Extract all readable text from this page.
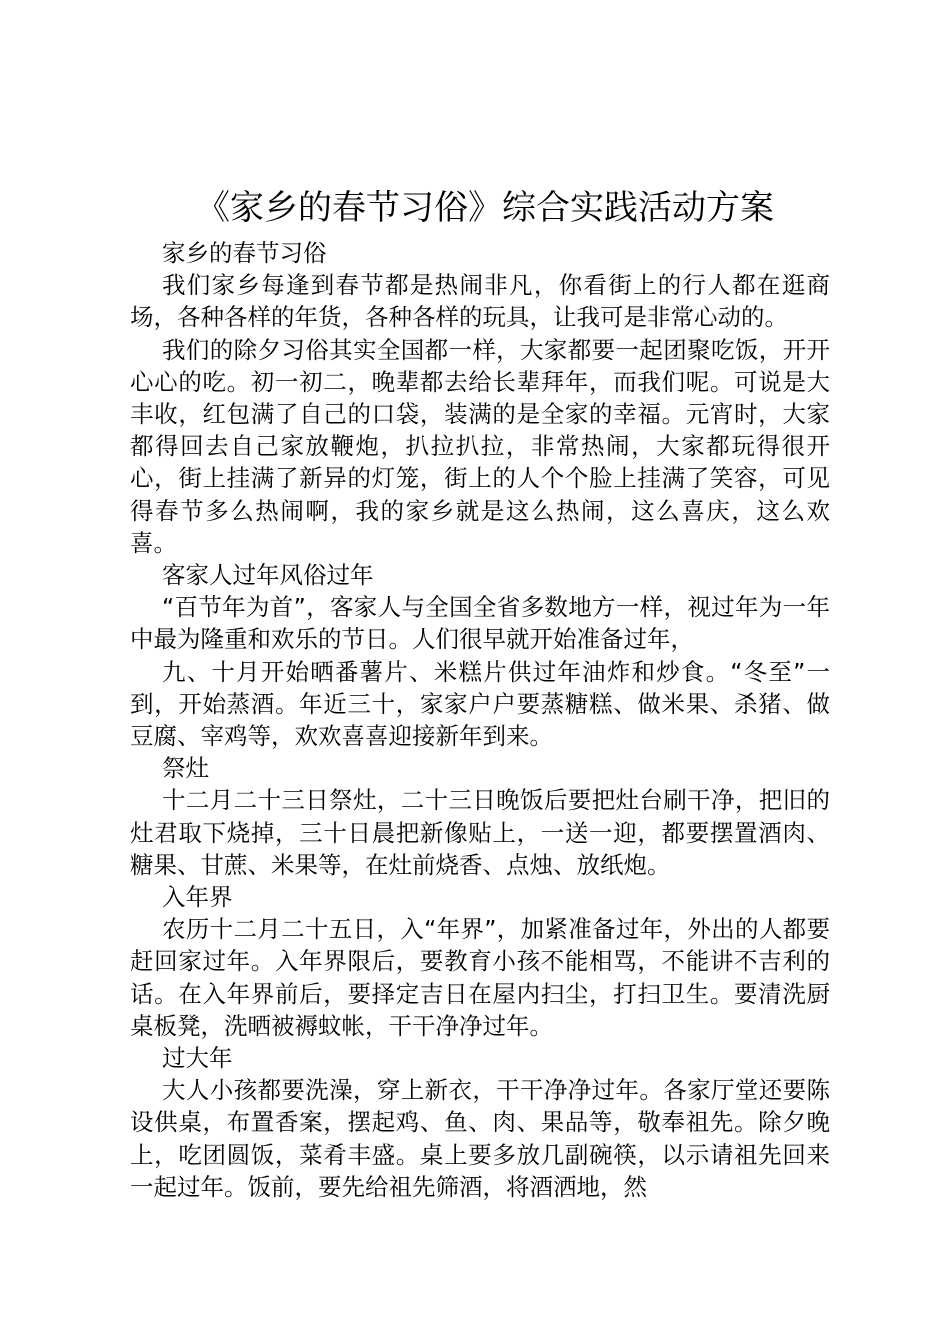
《家乡的春节习俗》综合实践活动方案

家乡的春节习俗

我们家乡每逢到春节都是热闹非凡，你看街上的行人都在逛商场，各种各样的年货，各种各样的玩具，让我可是非常心动的。

我们的除夕习俗其实全国都一样，大家都要一起团聚吃饭，开开心心的吃。初一初二，晚辈都去给长辈拜年，而我们呢。可说是大丰收，红包满了自己的口袋，装满的是全家的幸福。元宵时，大家都得回去自己家放鞭炮，扒拉扒拉，非常热闹，大家都玩得很开心，街上挂满了新异的灯笼，街上的人个个脸上挂满了笑容，可见得春节多么热闹啊，我的家乡就是这么热闹，这么喜庆，这么欢喜。

客家人过年风俗过年

“百节年为首”，客家人与全国全省多数地方一样，视过年为一年中最为隆重和欢乐的节日。人们很早就开始准备过年，

九、十月开始晒番薯片、米糕片供过年油炸和炒食。“冬至”一到，开始蒸酒。年近三十，家家户户要蒸糖糕、做米果、杀猪、做豆腐、宰鸡等，欢欢喜喜迎接新年到来。

祭灶

十二月二十三日祭灶，二十三日晚饭后要把灶台刷干净，把旧的灶君取下烧掉，三十日晨把新像贴上，一送一迎，都要摆置酒肉、糖果、甘蔗、米果等，在灶前烧香、点烛、放纸炮。

入年界

农历十二月二十五日，入“年界”，加紧准备过年，外出的人都要赶回家过年。入年界限后，要教育小孩不能相骂，不能讲不吉利的话。在入年界前后，要择定吉日在屋内扫尘，打扫卫生。要清洗厨桌板凳，洗晒被褥蚊帐，干干净净过年。

过大年

大人小孩都要洗澡，穿上新衣，干干净净过年。各家厅堂还要陈设供桌，布置香案，摆起鸡、鱼、肉、果品等，敬奉祖先。除夕晚上，吃团圆饭，菜肴丰盛。桌上要多放几副碗筷，以示请祖先回来一起过年。饭前，要先给祖先筛酒，将酒洒地，然
